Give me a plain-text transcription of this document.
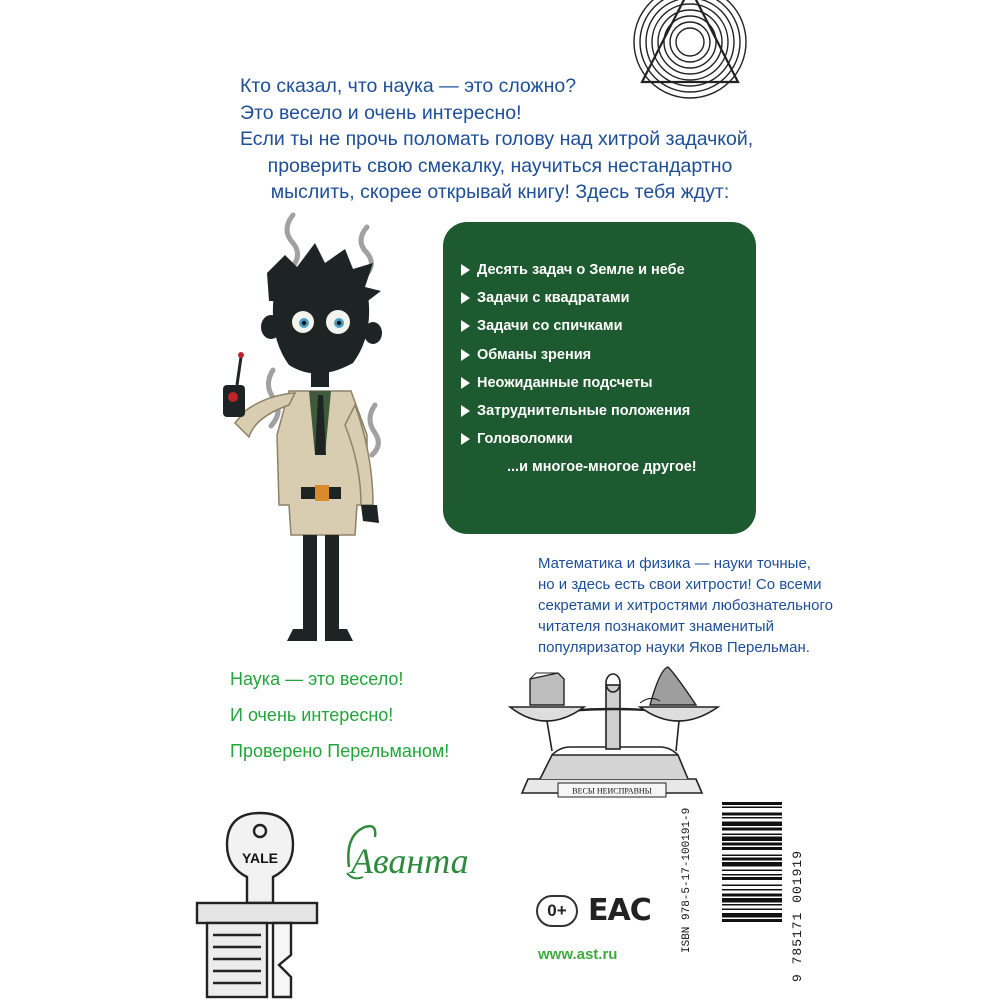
Кто сказал, что наука — это сложно?

Это весело и очень интересно!

Если ты не прочь поломать голову над хитрой задачкой,

проверить свою смекалку, научиться нестандартно

мыслить, скорее открывай книгу! Здесь тебя ждут:

Десять задач о Земле и небе
Задачи с квадратами
Задачи со спичками
Обманы зрения
Неожиданные подсчеты
Затруднительные положения
Головоломки
...и многое-многое другое!

Математика и физика — науки точные,

но и здесь есть свои хитрости! Со всеми

секретами и хитростями любознательного

читателя познакомит знаменитый

популяризатор науки Яков Перельман.

Наука — это весело!

И очень интересно!

Проверено Перельманом!

ВЕСЫ НЕИСПРАВНЫ
YALE Аванта
0+ ЕАС
www.ast.ru
ISBN 978-5-17-100191-9	9 785171 001919
